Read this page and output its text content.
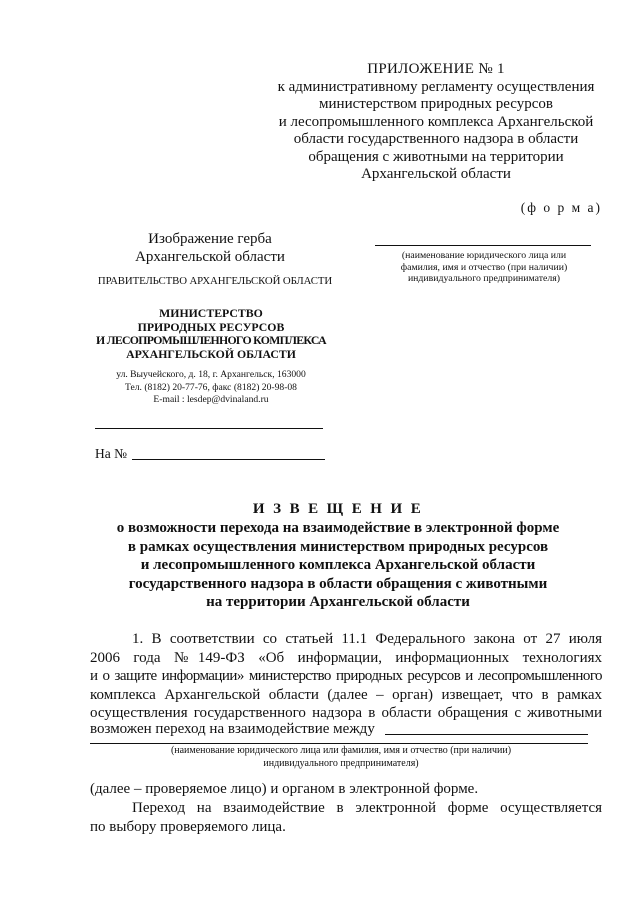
ПРИЛОЖЕНИЕ № 1
к административному регламенту осуществления
министерством природных ресурсов
и лесопромышленного комплекса Архангельской
области государственного надзора в области
обращения с животными на территории
Архангельской области
(ф о р м а)
Изображение герба
Архангельской области
ПРАВИТЕЛЬСТВО АРХАНГЕЛЬСКОЙ ОБЛАСТИ
МИНИСТЕРСТВО
ПРИРОДНЫХ РЕСУРСОВ
И ЛЕСОПРОМЫШЛЕННОГО КОМПЛЕКСА
АРХАНГЕЛЬСКОЙ ОБЛАСТИ
ул. Выучейского, д. 18, г. Архангельск, 163000
Тел. (8182) 20-77-76, факс (8182) 20-98-08
E-mail : lesdep@dvinaland.ru
На №
(наименование юридического лица или
фамилия, имя и отчество (при наличии)
индивидуального предпринимателя)
И З В Е Щ Е Н И Е
о возможности перехода на взаимодействие в электронной форме
в рамках осуществления министерством природных ресурсов
и лесопромышленного комплекса Архангельской области
государственного надзора в области обращения с животными
на территории Архангельской области
1. В соответствии со статьей 11.1 Федерального закона от 27 июля
2006 года №149-ФЗ «Об информации, информационных технологиях
и о защите информации» министерство природных ресурсов и лесопромышленного
комплекса Архангельской области (далее – орган) извещает, что в рамках
осуществления государственного надзора в области обращения с животными
возможен переход на взаимодействие между
(наименование юридического лица или фамилия, имя и отчество (при наличии)
индивидуального предпринимателя)
(далее – проверяемое лицо) и органом в электронной форме.
Переход на взаимодействие в электронной форме осуществляется
по выбору проверяемого лица.
